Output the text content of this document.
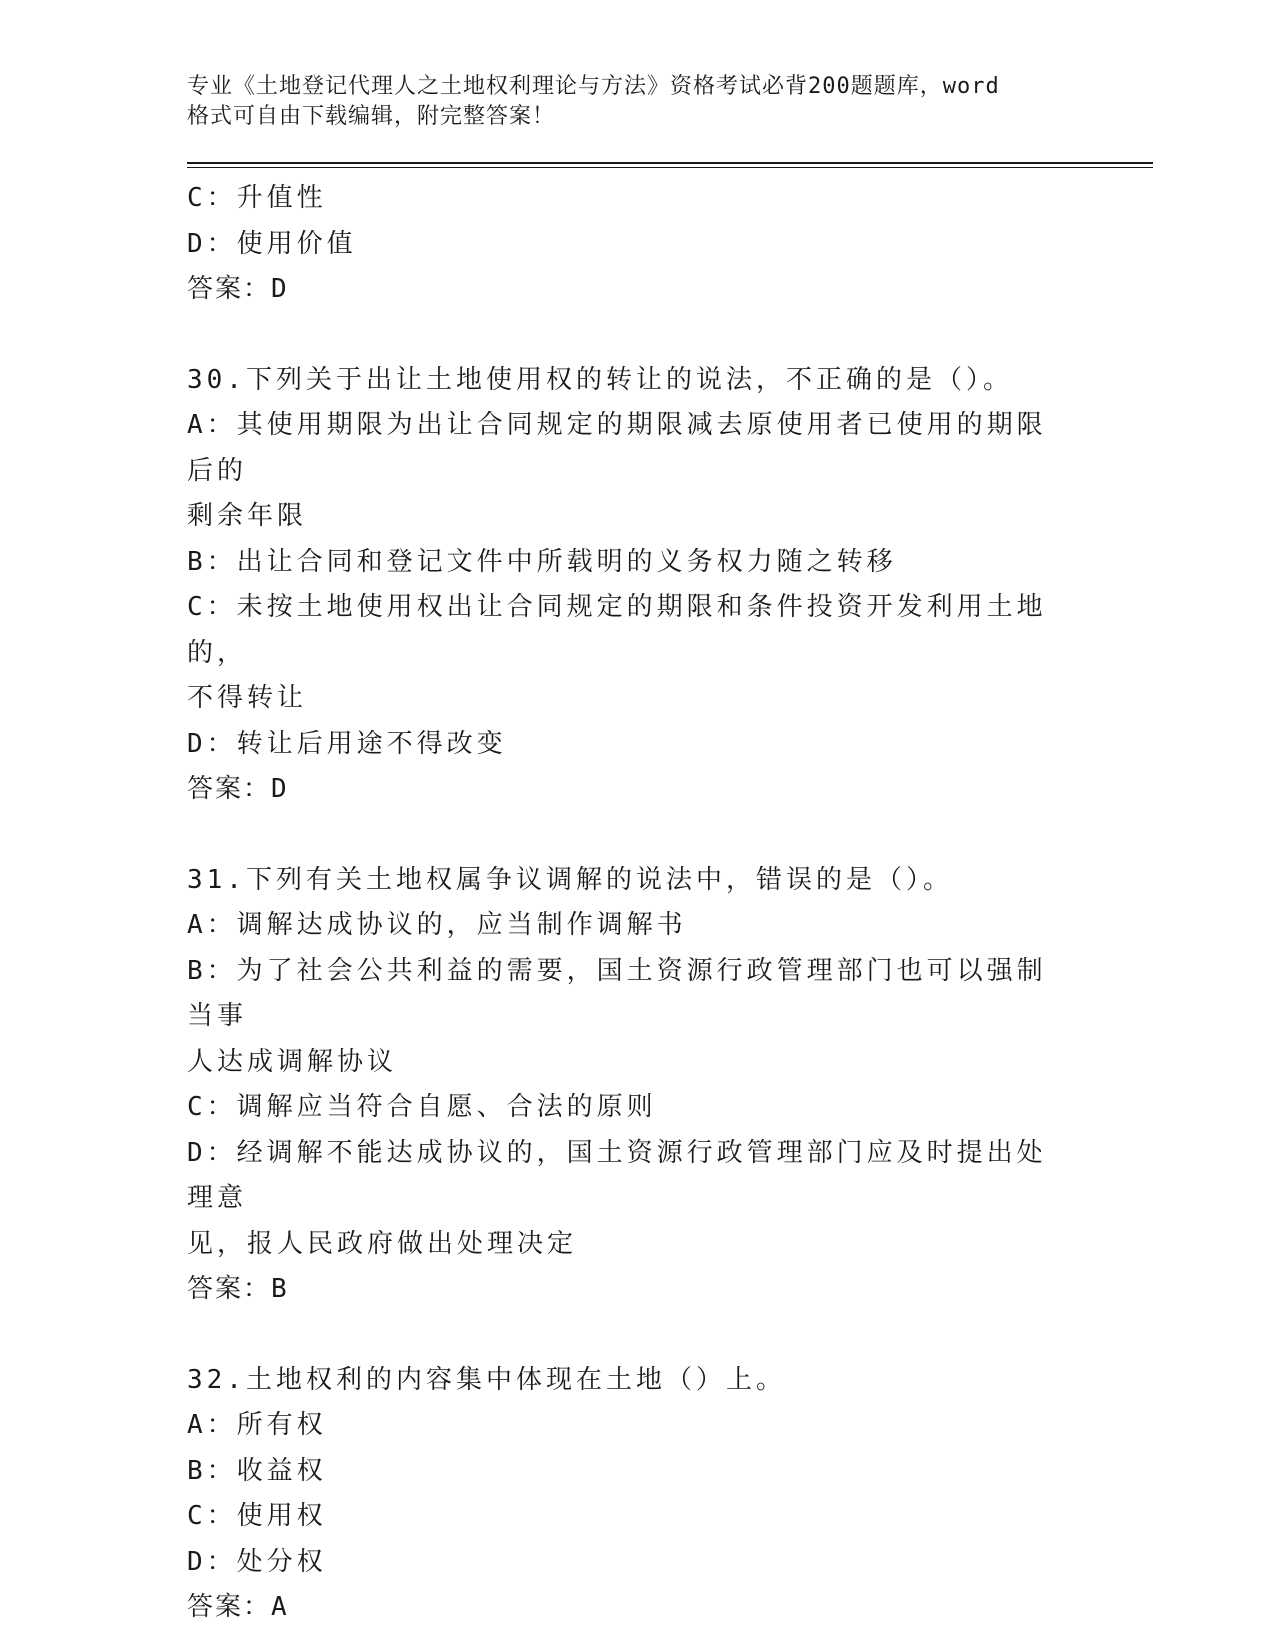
专业《土地登记代理人之土地权利理论与方法》资格考试必背200题题库，word
格式可自由下载编辑，附完整答案！
C：升值性
D：使用价值
答案：D
30.下列关于出让土地使用权的转让的说法，不正确的是（）。
A：其使用期限为出让合同规定的期限减去原使用者已使用的期限后的
剩余年限
B：出让合同和登记文件中所载明的义务权力随之转移
C：未按土地使用权出让合同规定的期限和条件投资开发利用土地的，
不得转让
D：转让后用途不得改变
答案：D
31.下列有关土地权属争议调解的说法中，错误的是（）。
A：调解达成协议的，应当制作调解书
B：为了社会公共利益的需要，国土资源行政管理部门也可以强制当事
人达成调解协议
C：调解应当符合自愿、合法的原则
D：经调解不能达成协议的，国土资源行政管理部门应及时提出处理意
见，报人民政府做出处理决定
答案：B
32.土地权利的内容集中体现在土地（）上。
A：所有权
B：收益权
C：使用权
D：处分权
答案：A
